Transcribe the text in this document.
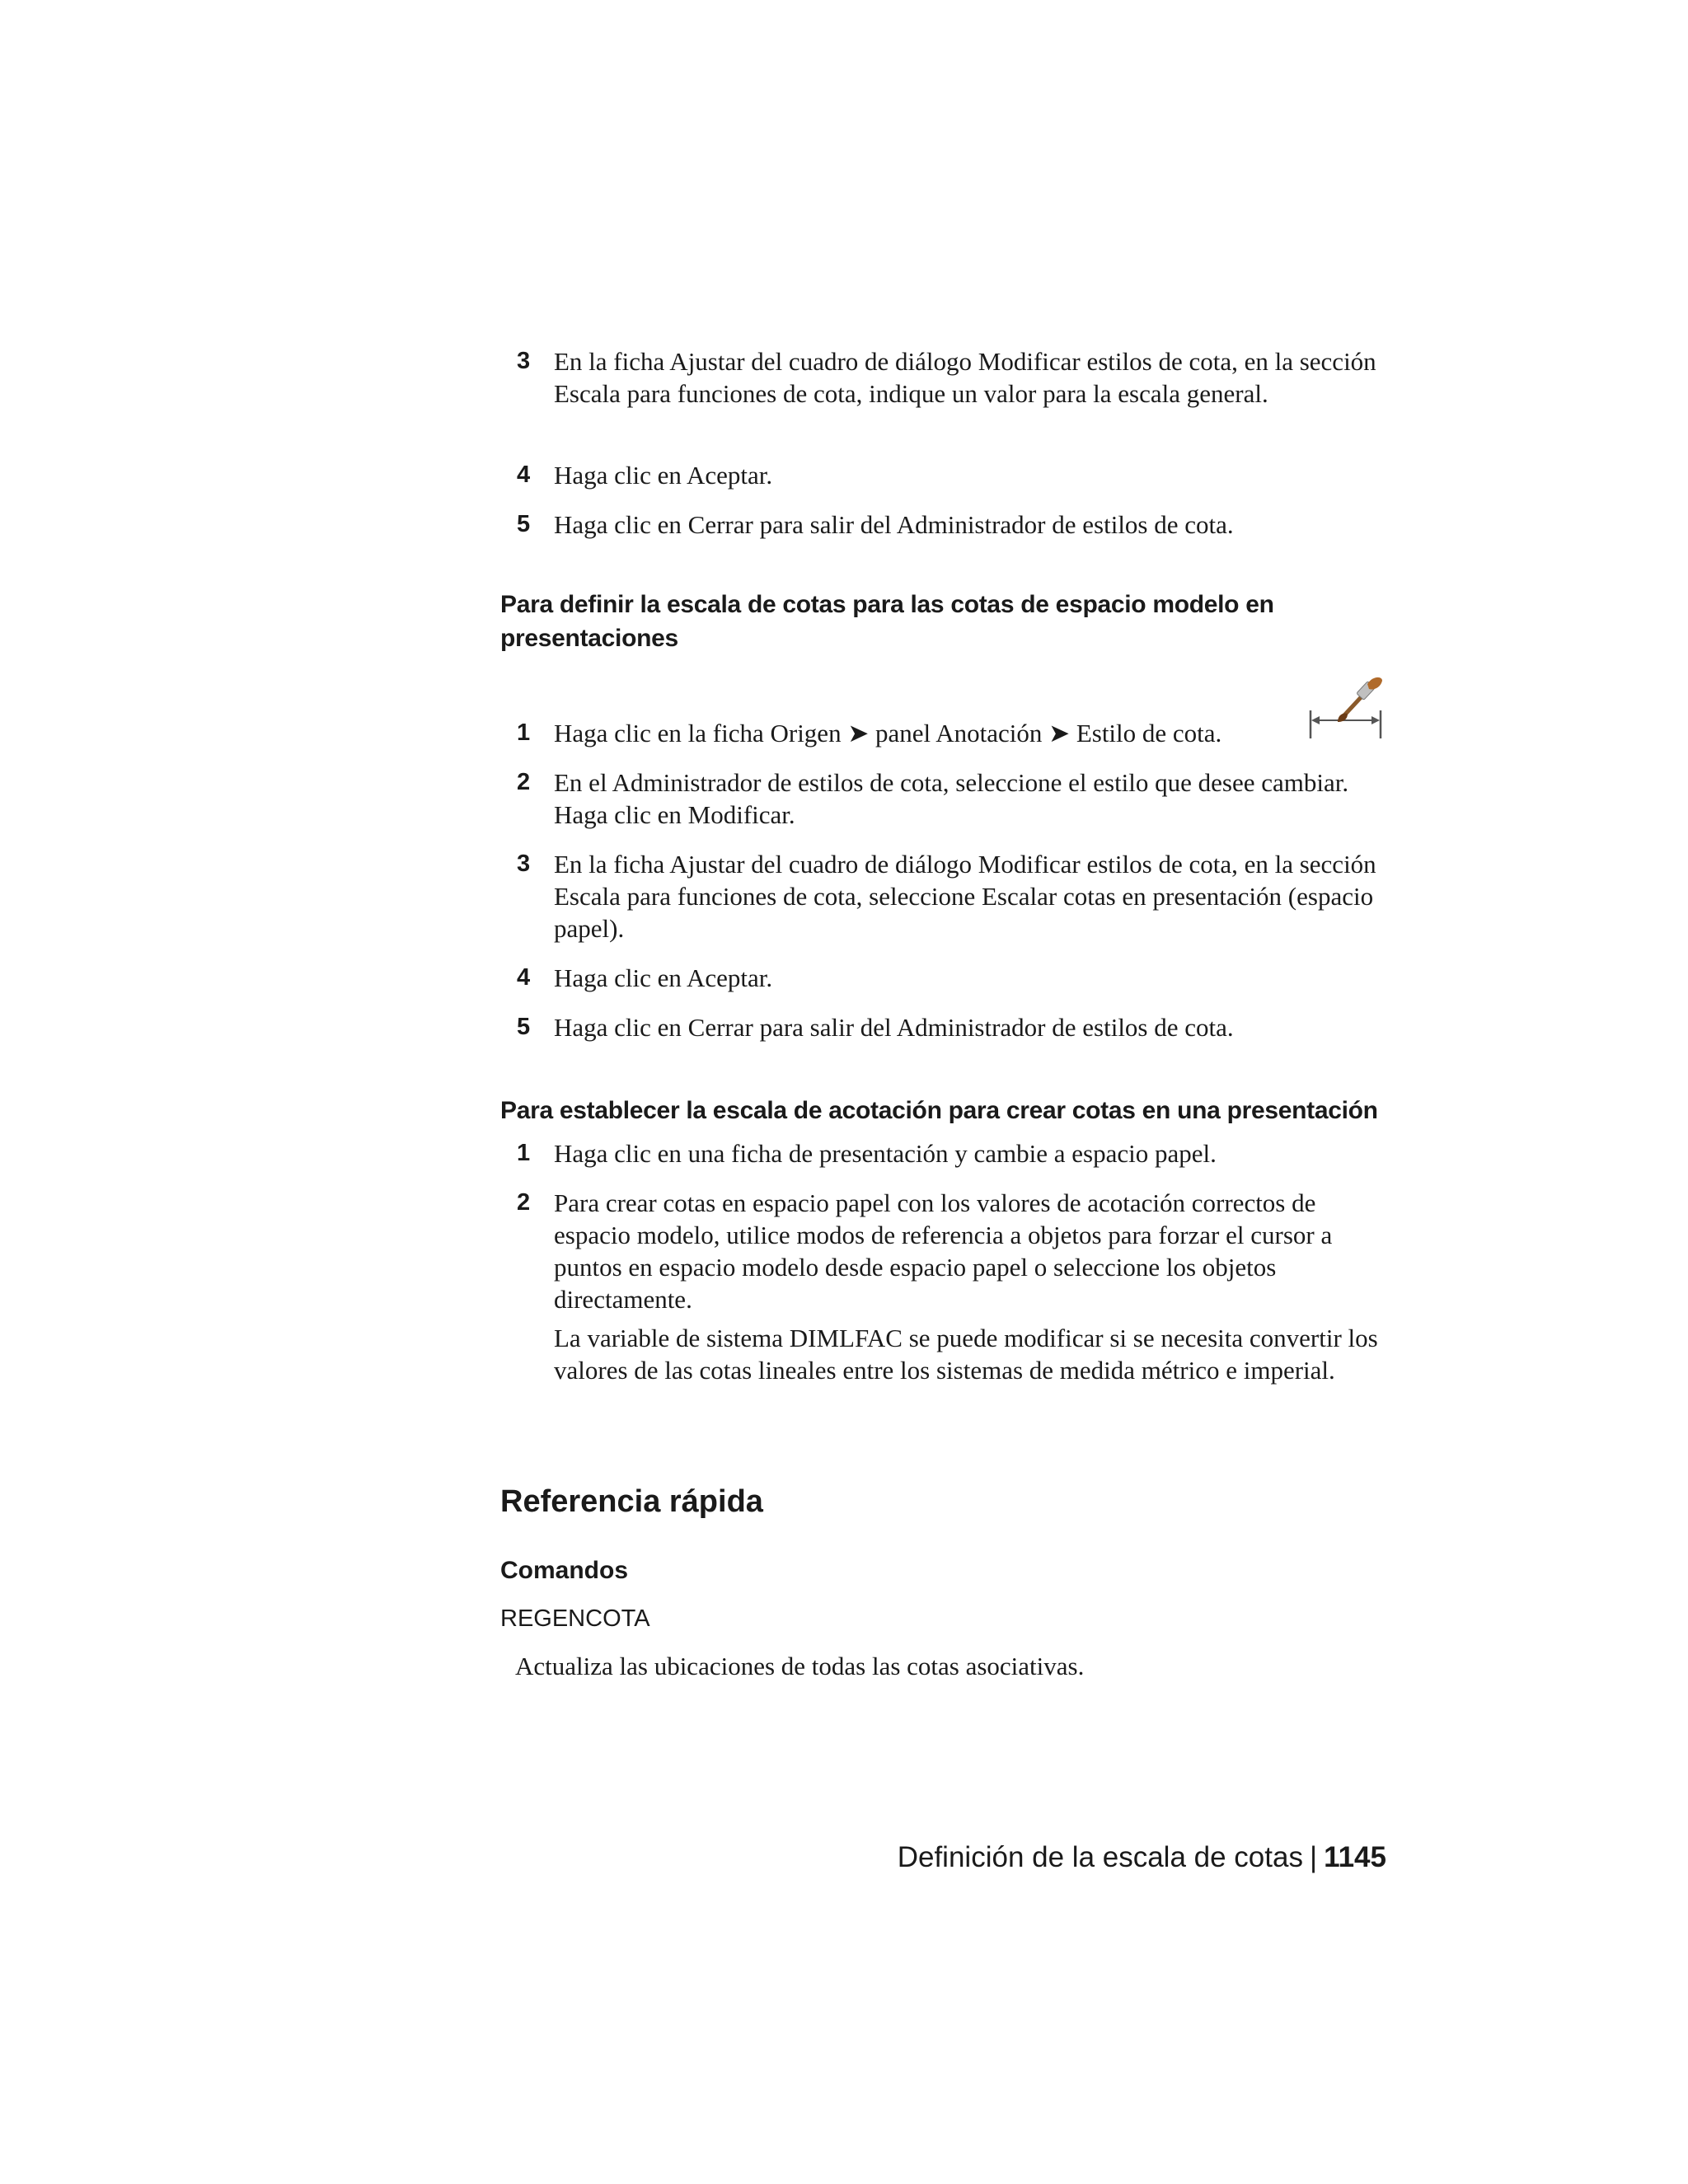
3 En la ficha Ajustar del cuadro de diálogo Modificar estilos de cota, en la sección Escala para funciones de cota, indique un valor para la escala general.
4 Haga clic en Aceptar.
5 Haga clic en Cerrar para salir del Administrador de estilos de cota.
Para definir la escala de cotas para las cotas de espacio modelo en presentaciones
1 Haga clic en la ficha Origen ➤ panel Anotación ➤ Estilo de cota.
2 En el Administrador de estilos de cota, seleccione el estilo que desee cambiar. Haga clic en Modificar.
3 En la ficha Ajustar del cuadro de diálogo Modificar estilos de cota, en la sección Escala para funciones de cota, seleccione Escalar cotas en presentación (espacio papel).
4 Haga clic en Aceptar.
5 Haga clic en Cerrar para salir del Administrador de estilos de cota.
Para establecer la escala de acotación para crear cotas en una presentación
1 Haga clic en una ficha de presentación y cambie a espacio papel.
2 Para crear cotas en espacio papel con los valores de acotación correctos de espacio modelo, utilice modos de referencia a objetos para forzar el cursor a puntos en espacio modelo desde espacio papel o seleccione los objetos directamente.
La variable de sistema DIMLFAC se puede modificar si se necesita convertir los valores de las cotas lineales entre los sistemas de medida métrico e imperial.
Referencia rápida
Comandos
REGENCOTA
Actualiza las ubicaciones de todas las cotas asociativas.
Definición de la escala de cotas | 1145
